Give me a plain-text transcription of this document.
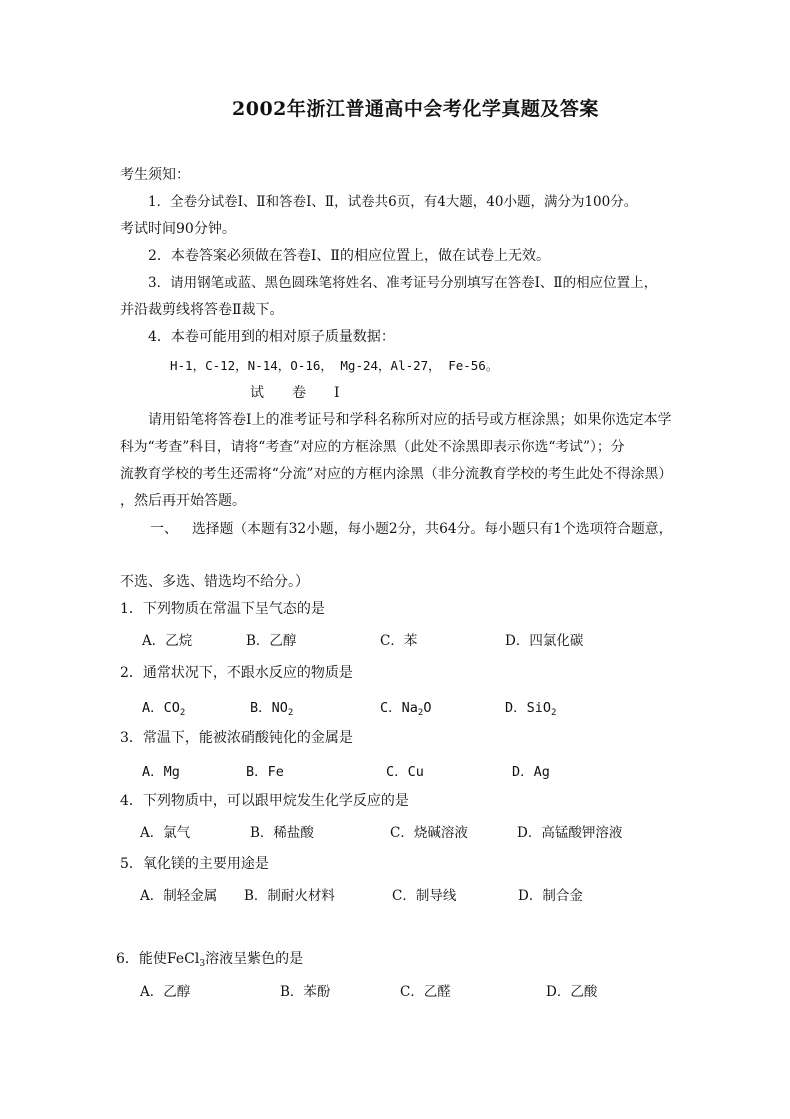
2002年浙江普通高中会考化学真题及答案
考生须知：
1．全卷分试卷Ⅰ、Ⅱ和答卷Ⅰ、Ⅱ，试卷共6页，有4大题，40小题，满分为100分。
考试时间90分钟。
2．本卷答案必须做在答卷Ⅰ、Ⅱ的相应位置上，做在试卷上无效。
3．请用钢笔或蓝、黑色圆珠笔将姓名、准考证号分别填写在答卷Ⅰ、Ⅱ的相应位置上，
并沿裁剪线将答卷Ⅱ裁下。
4．本卷可能用到的相对原子质量数据：
H-1，C-12，N-14，O-16， Mg-24，Al-27， Fe-56。
试　　卷　　Ⅰ
请用铅笔将答卷Ⅰ上的准考证号和学科名称所对应的括号或方框涂黑；如果你选定本学
科为“考查”科目，请将“考查”对应的方框涂黑（此处不涂黑即表示你选“考试”）；分
流教育学校的考生还需将“分流”对应的方框内涂黑（非分流教育学校的考生此处不得涂黑）
，然后再开始答题。
一、 选择题（本题有32小题，每小题2分，共64分。每小题只有1个选项符合题意，
不选、多选、错选均不给分。）
1．下列物质在常温下呈气态的是
A．乙烷	B．乙醇	C．苯	D．四氯化碳
2．通常状况下，不跟水反应的物质是
A．$CO_2$	B．$NO_2$	C．$Na_2O$	D．SiO$_2$
3．常温下，能被浓硝酸钝化的金属是
A．Mg	B．Fe	C．Cu	D．Ag
4．下列物质中，可以跟甲烷发生化学反应的是
A．氯气	B．稀盐酸	C．烧碱溶液	D．高锰酸钾溶液
5．氧化镁的主要用途是
A．制轻金属 B．制耐火材料	C．制导线	D．制合金
6．能使FeCl$_3$溶液呈紫色的是
A．乙醇	B．苯酚	C．乙醛	D．乙酸
